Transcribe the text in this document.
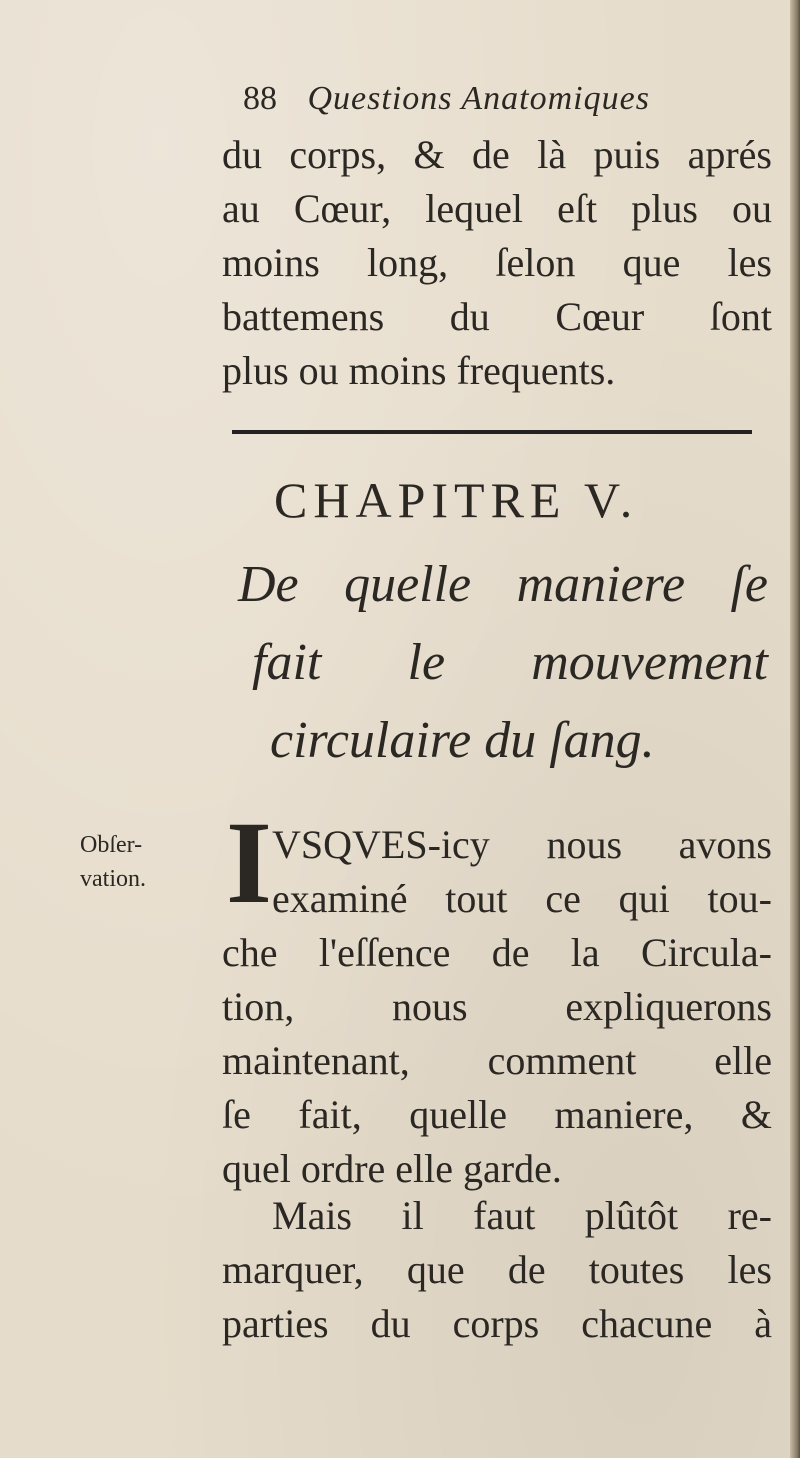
88 Questions Anatomiques

du corps, & de là puis aprés
au Cœur, lequel eſt plus ou
moins long, ſelon que les
battemens du Cœur ſont
plus ou moins frequents.

CHAPITRE V.

De quelle maniere ſe
fait le mouvement
circulaire du ſang.

Obſer-
vation. I VSQVES-icy nous avons
examiné tout ce qui tou-
che l'eſſence de la Circula-
tion, nous expliquerons
maintenant, comment elle
ſe fait, quelle maniere, &
quel ordre elle garde.

Mais il faut plûtôt re-
marquer, que de toutes les
parties du corps chacune à
